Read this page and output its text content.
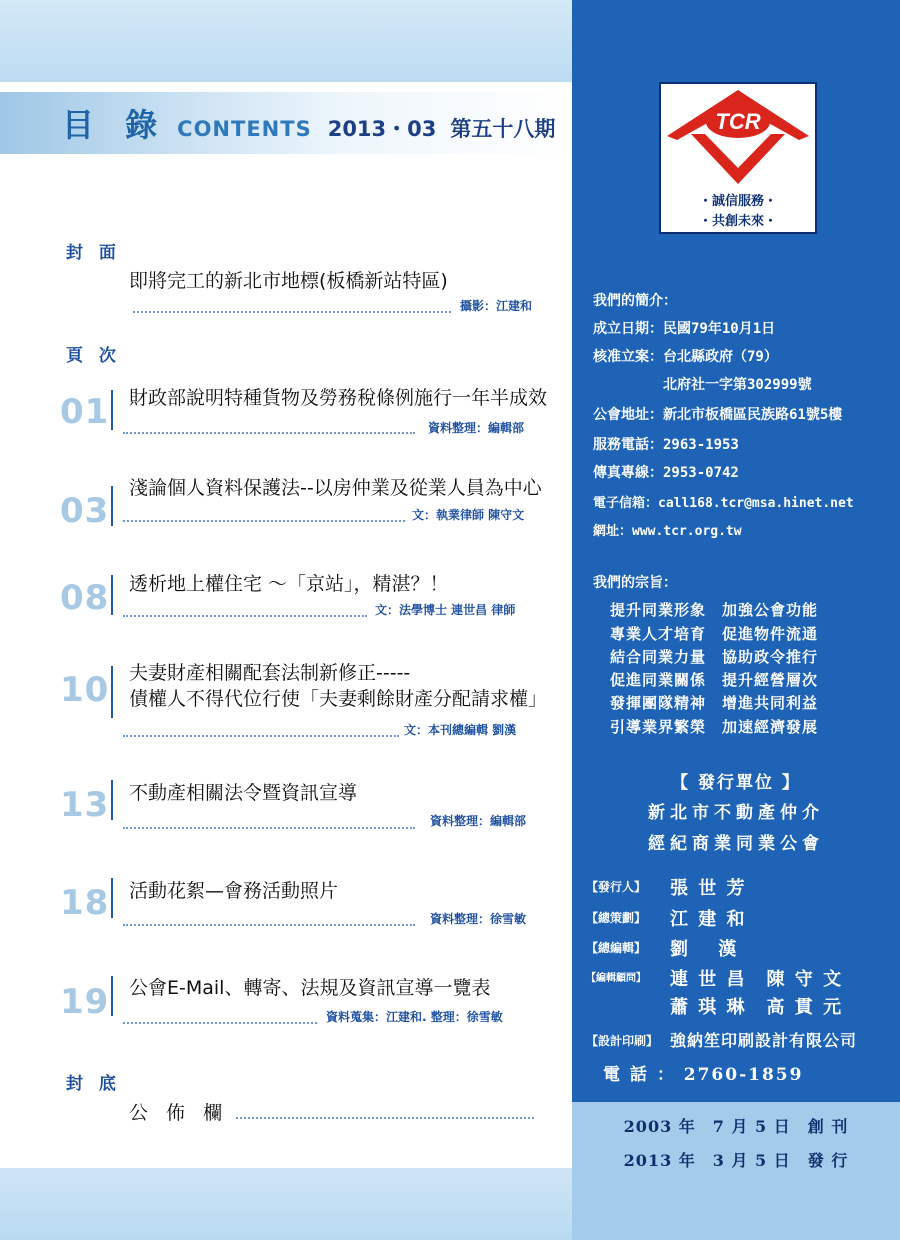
目 錄 CONTENTS 2013・03 第五十八期	TCR
・誠信服務・
・共創未來・
封 面
即將完工的新北市地標(板橋新站特區)
攝影：江建和
頁 次
01 財政部說明特種貨物及勞務稅條例施行一年半成效
資料整理：編輯部
03
淺論個人資料保護法--以房仲業及從業人員為中心
文：執業律師 陳守文
08 透析地上權住宅 ～「京站」，精湛？！
文：法學博士 連世昌 律師
10 夫妻財產相關配套法制新修正-----
債權人不得代位行使「夫妻剩餘財產分配請求權」
文：本刊總編輯 劉漢
13 不動產相關法令暨資訊宣導
資料整理：編輯部
18 活動花絮—會務活動照片
資料整理：徐雪敏
19 公會E-Mail、轉寄、法規及資訊宣導一覽表
資料蒐集：江建和. 整理：徐雪敏
封 底
公 佈 欄
我們的簡介：
成立日期：民國79年10月1日
核准立案：台北縣政府（79）
　　　　　北府社一字第302999號
公會地址：新北市板橋區民族路61號5樓
服務電話：2963-1953
傳真專線：2953-0742
電子信箱：call168.tcr@msa.hinet.net
網址：www.tcr.org.tw
我們的宗旨：
提升同業形象　加強公會功能
專業人才培育　促進物件流通
結合同業力量　協助政令推行
促進同業關係　提升經營層次
發揮團隊精神　增進共同利益
引導業界繁榮　加速經濟發展
【 發行單位 】
新北市不動產仲介
經紀商業同業公會
【發行人】 張 世 芳
【總策劃】 江 建 和
【總編輯】 劉　 漢
【編輯顧問】 連 世 昌　陳 守 文
蕭 琪 琳　高 貫 元
【設計印刷】 強納笙印刷設計有限公司
電 話 ： 2760-1859
2003 年　7 月 5 日　創 刊
2013 年　3 月 5 日　發 行
